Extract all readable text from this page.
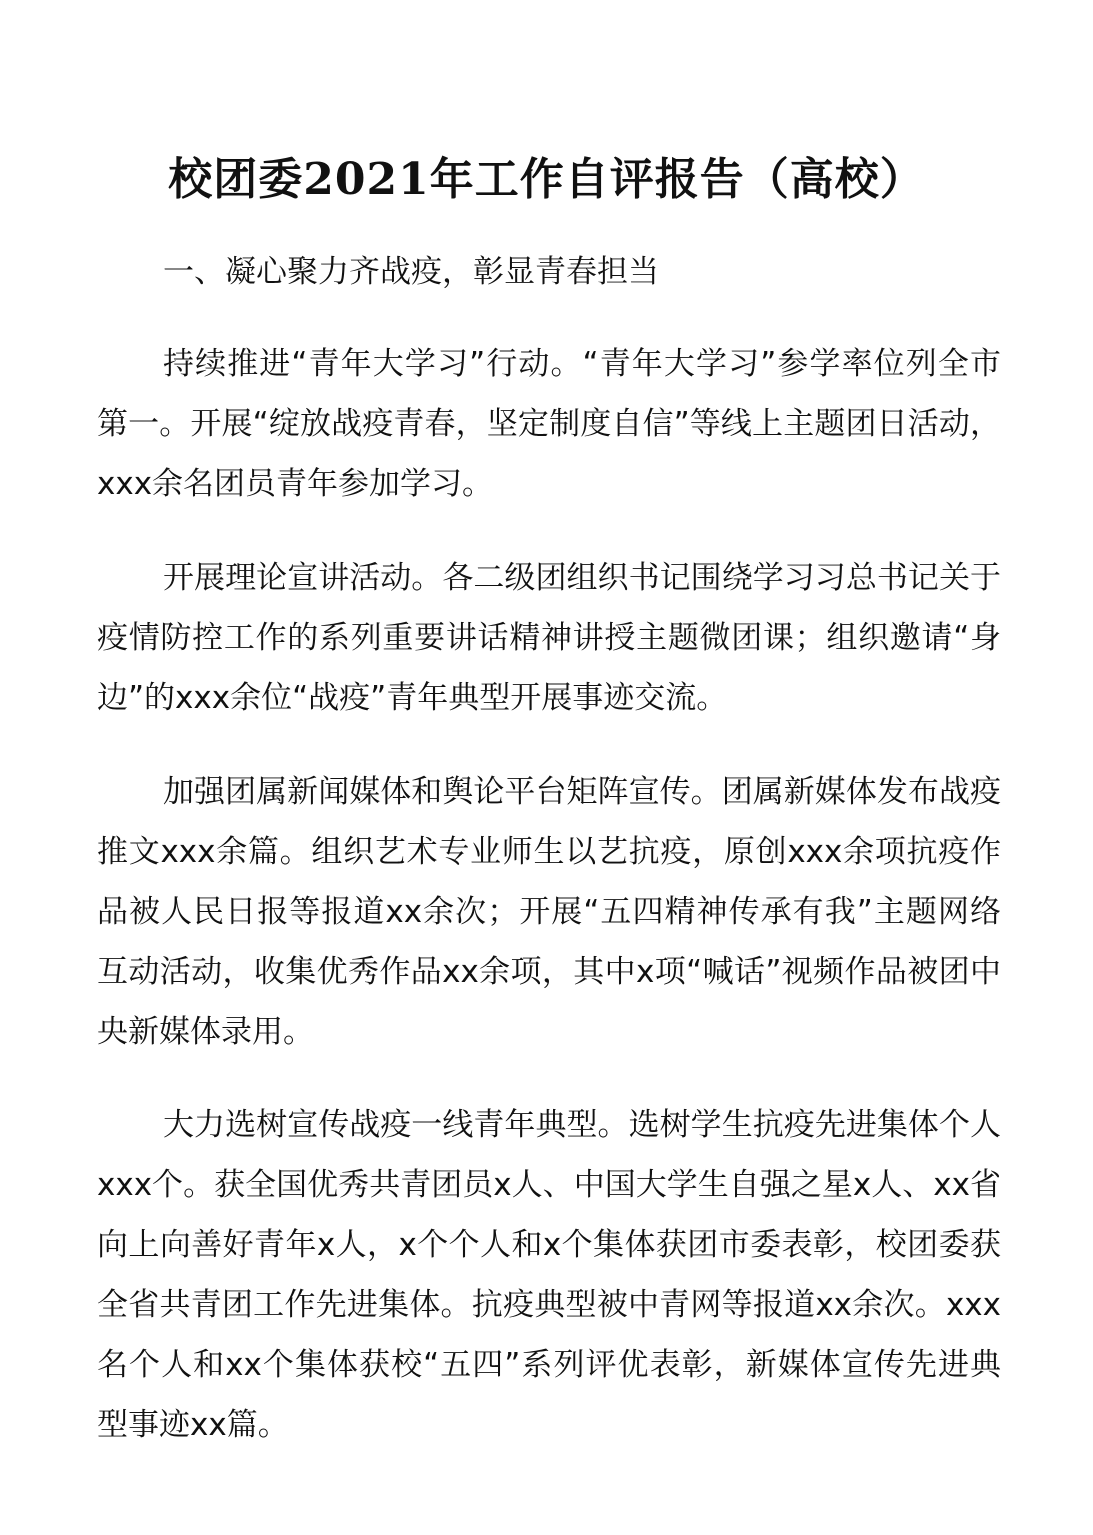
校团委2021年工作自评报告（高校）

一、凝心聚力齐战疫，彰显青春担当

持续推进“青年大学习”行动。“青年大学习”参学率位列全市第一。开展“绽放战疫青春，坚定制度自信”等线上主题团日活动，xxx余名团员青年参加学习。

开展理论宣讲活动。各二级团组织书记围绕学习习总书记关于疫情防控工作的系列重要讲话精神讲授主题微团课；组织邀请“身边”的xxx余位“战疫”青年典型开展事迹交流。

加强团属新闻媒体和舆论平台矩阵宣传。团属新媒体发布战疫推文xxx余篇。组织艺术专业师生以艺抗疫，原创xxx余项抗疫作品被人民日报等报道xx余次；开展“五四精神传承有我”主题网络互动活动，收集优秀作品xx余项，其中x项“喊话”视频作品被团中央新媒体录用。

大力选树宣传战疫一线青年典型。选树学生抗疫先进集体个人xxx个。获全国优秀共青团员x人、中国大学生自强之星x人、xx省向上向善好青年x人，x个个人和x个集体获团市委表彰，校团委获全省共青团工作先进集体。抗疫典型被中青网等报道xx余次。xxx名个人和xx个集体获校“五四”系列评优表彰，新媒体宣传先进典型事迹xx篇。
